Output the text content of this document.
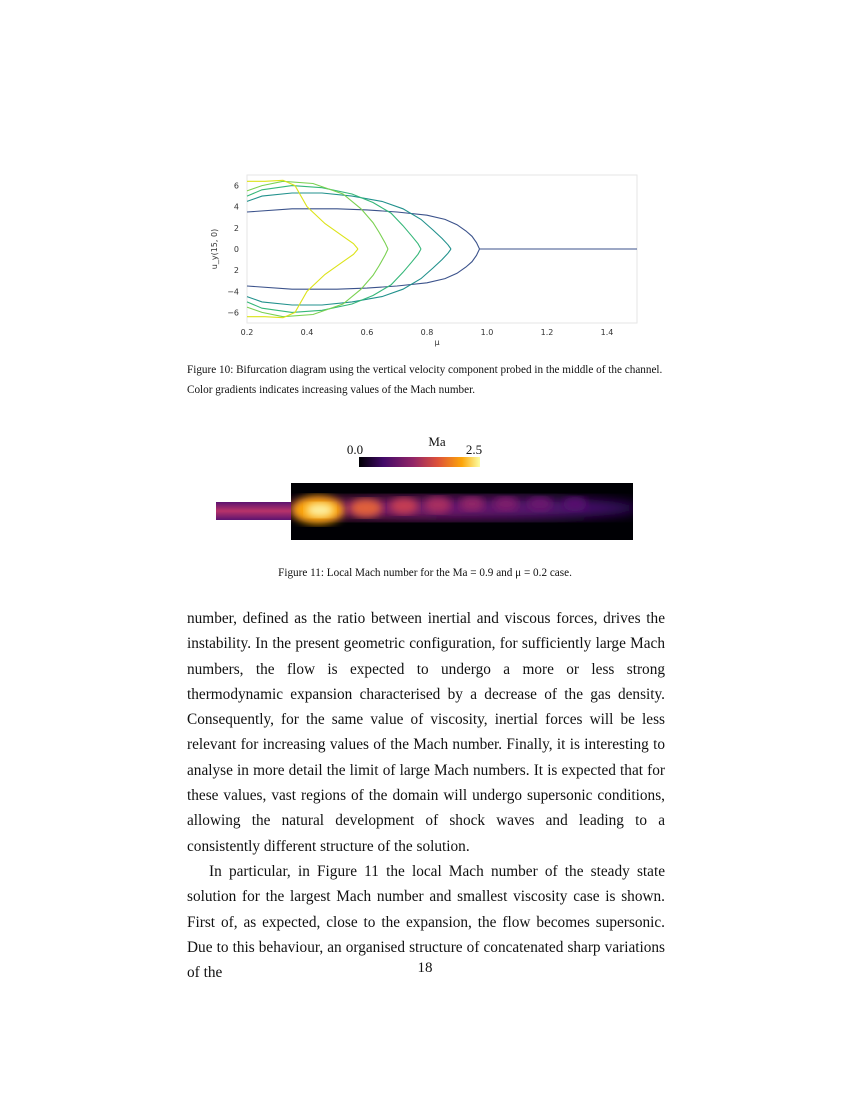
0.2	0.4	0.6	0.8	1.0	1.2	1.4
6
4
2
0
2
−4
−6
u_y(15, 0)
μ
Figure 10: Bifurcation diagram using the vertical velocity component probed in the middle of the channel. Color gradients indicates increasing values of the Mach number.
Ma
0.0	2.5
Figure 11: Local Mach number for the Ma = 0.9 and μ = 0.2 case.

number, defined as the ratio between inertial and viscous forces, drives the instability. In the present geometric configuration, for sufficiently large Mach numbers, the flow is expected to undergo a more or less strong thermodynamic expansion characterised by a decrease of the gas density. Consequently, for the same value of viscosity, inertial forces will be less relevant for increasing values of the Mach number. Finally, it is interesting to analyse in more detail the limit of large Mach numbers. It is expected that for these values, vast regions of the domain will undergo supersonic conditions, allowing the natural development of shock waves and leading to a consistently different structure of the solution.

In particular, in Figure 11 the local Mach number of the steady state solution for the largest Mach number and smallest viscosity case is shown. First of, as expected, close to the expansion, the flow becomes supersonic. Due to this behaviour, an organised structure of concatenated sharp variations of the	18
